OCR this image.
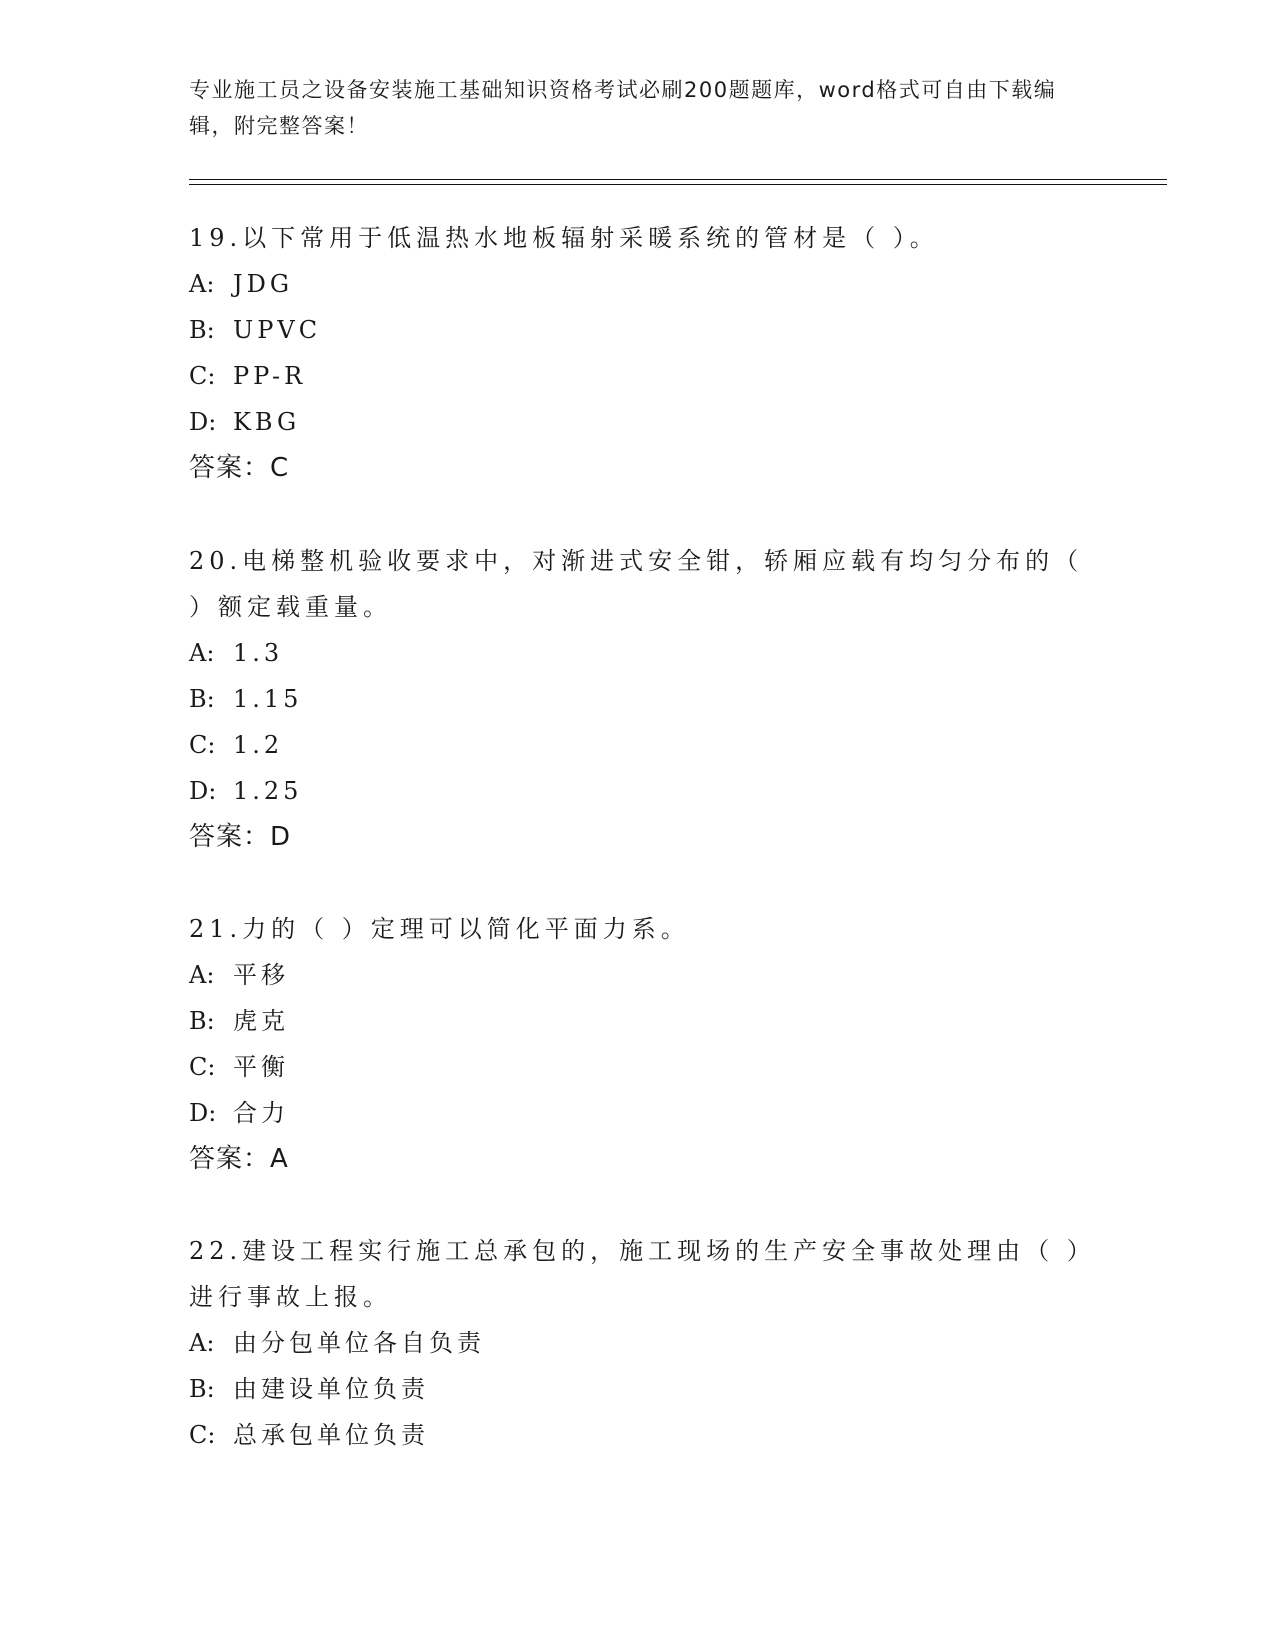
专业施工员之设备安装施工基础知识资格考试必刷200题题库，word格式可自由下载编辑，附完整答案！
19.以下常用于低温热水地板辐射采暖系统的管材是（ ）。
A: JDG
B: UPVC
C: PP-R
D: KBG
答案：C
20.电梯整机验收要求中，对渐进式安全钳，轿厢应载有均匀分布的（ ）额定载重量。
A: 1.3
B: 1.15
C: 1.2
D: 1.25
答案：D
21.力的（ ）定理可以简化平面力系。
A: 平移
B: 虎克
C: 平衡
D: 合力
答案：A
22.建设工程实行施工总承包的，施工现场的生产安全事故处理由（ ）进行事故上报。
A: 由分包单位各自负责
B: 由建设单位负责
C: 总承包单位负责
